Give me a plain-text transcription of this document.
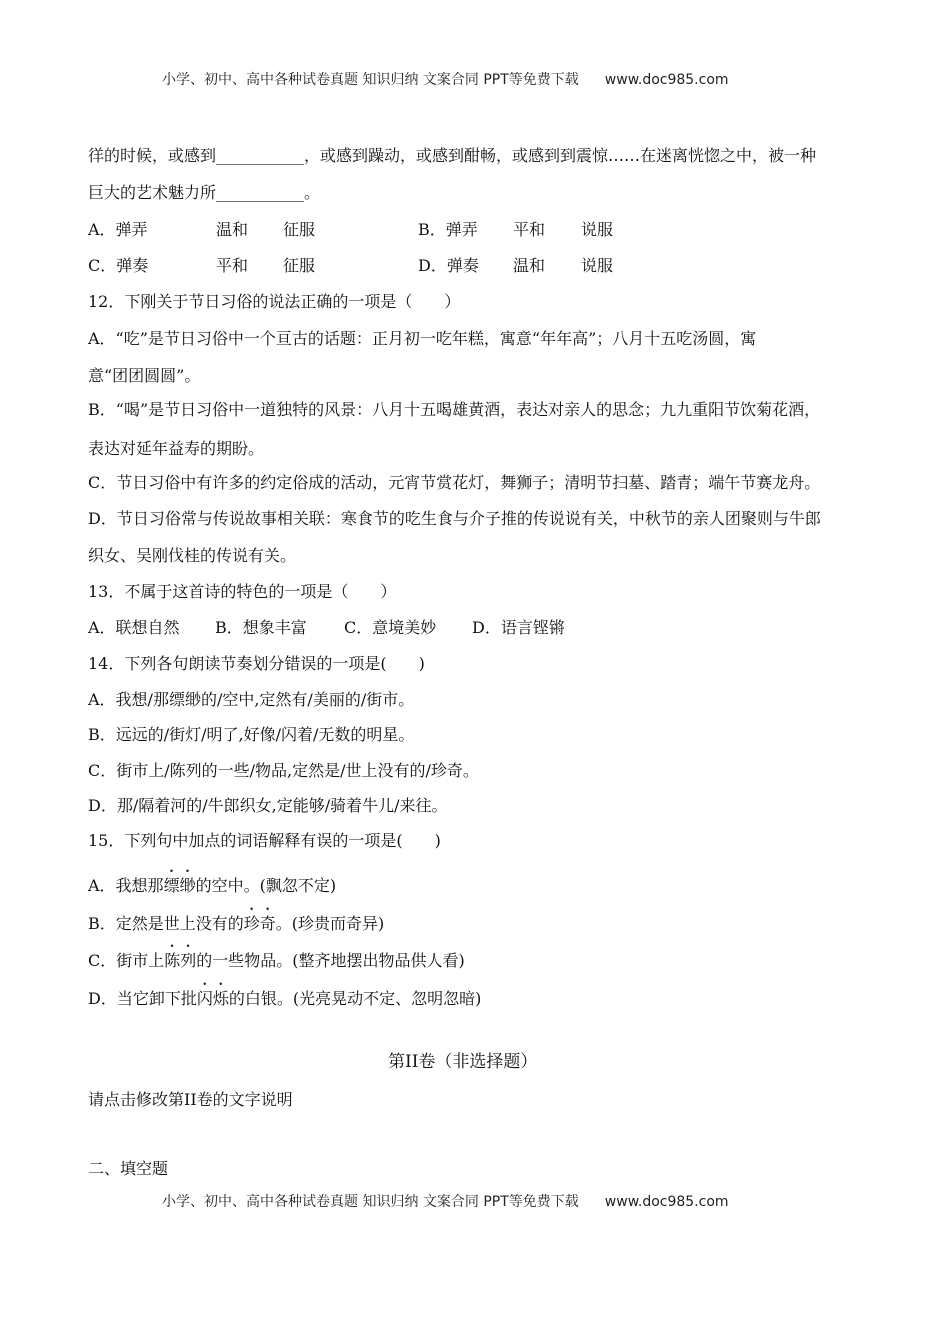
小学、初中、高中各种试卷真题 知识归纳 文案合同 PPT等免费下载 www.doc985.com
徉的时候，或感到___________，或感到躁动，或感到酣畅，或感到到震惊……在迷离恍惚之中，被一种
巨大的艺术魅力所___________。
A．弹弄	温和 征服	B．弹弄 平和 说服
C．弹奏	平和 征服	D．弹奏 温和 说服
12．下刚关于节日习俗的说法正确的一项是（　　）
A．“吃”是节日习俗中一个亘古的话题：正月初一吃年糕，寓意“年年高”；八月十五吃汤圆，寓
意“团团圆圆”。
B．“喝”是节日习俗中一道独特的风景：八月十五喝雄黄酒，表达对亲人的思念；九九重阳节饮菊花酒，
表达对延年益寿的期盼。
C．节日习俗中有许多的约定俗成的活动，元宵节赏花灯，舞狮子；清明节扫墓、踏青；端午节赛龙舟。
D．节日习俗常与传说故事相关联：寒食节的吃生食与介子推的传说说有关，中秋节的亲人团聚则与牛郎
织女、吴刚伐桂的传说有关。
13．不属于这首诗的特色的一项是（　　）
A．联想自然 B．想象丰富 C．意境美妙 D．语言铿锵
14．下列各句朗读节奏划分错误的一项是(　　)
A．我想/那缥缈的/空中,定然有/美丽的/街市。
B．远远的/街灯/明了,好像/闪着/无数的明星。
C．街市上/陈列的一些/物品,定然是/世上没有的/珍奇。
D．那/隔着河的/牛郎织女,定能够/骑着牛儿/来往。
15．下列句中加点的词语解释有误的一项是(　　)
A．我想那缥缈的空中。(飘忽不定)
B．定然是世上没有的珍奇。(珍贵而奇异)
C．街市上陈列的一些物品。(整齐地摆出物品供人看)
D．当它卸下批闪烁的白银。(光亮晃动不定、忽明忽暗)
第II卷（非选择题）
请点击修改第II卷的文字说明
二、填空题
小学、初中、高中各种试卷真题 知识归纳 文案合同 PPT等免费下载 www.doc985.com
